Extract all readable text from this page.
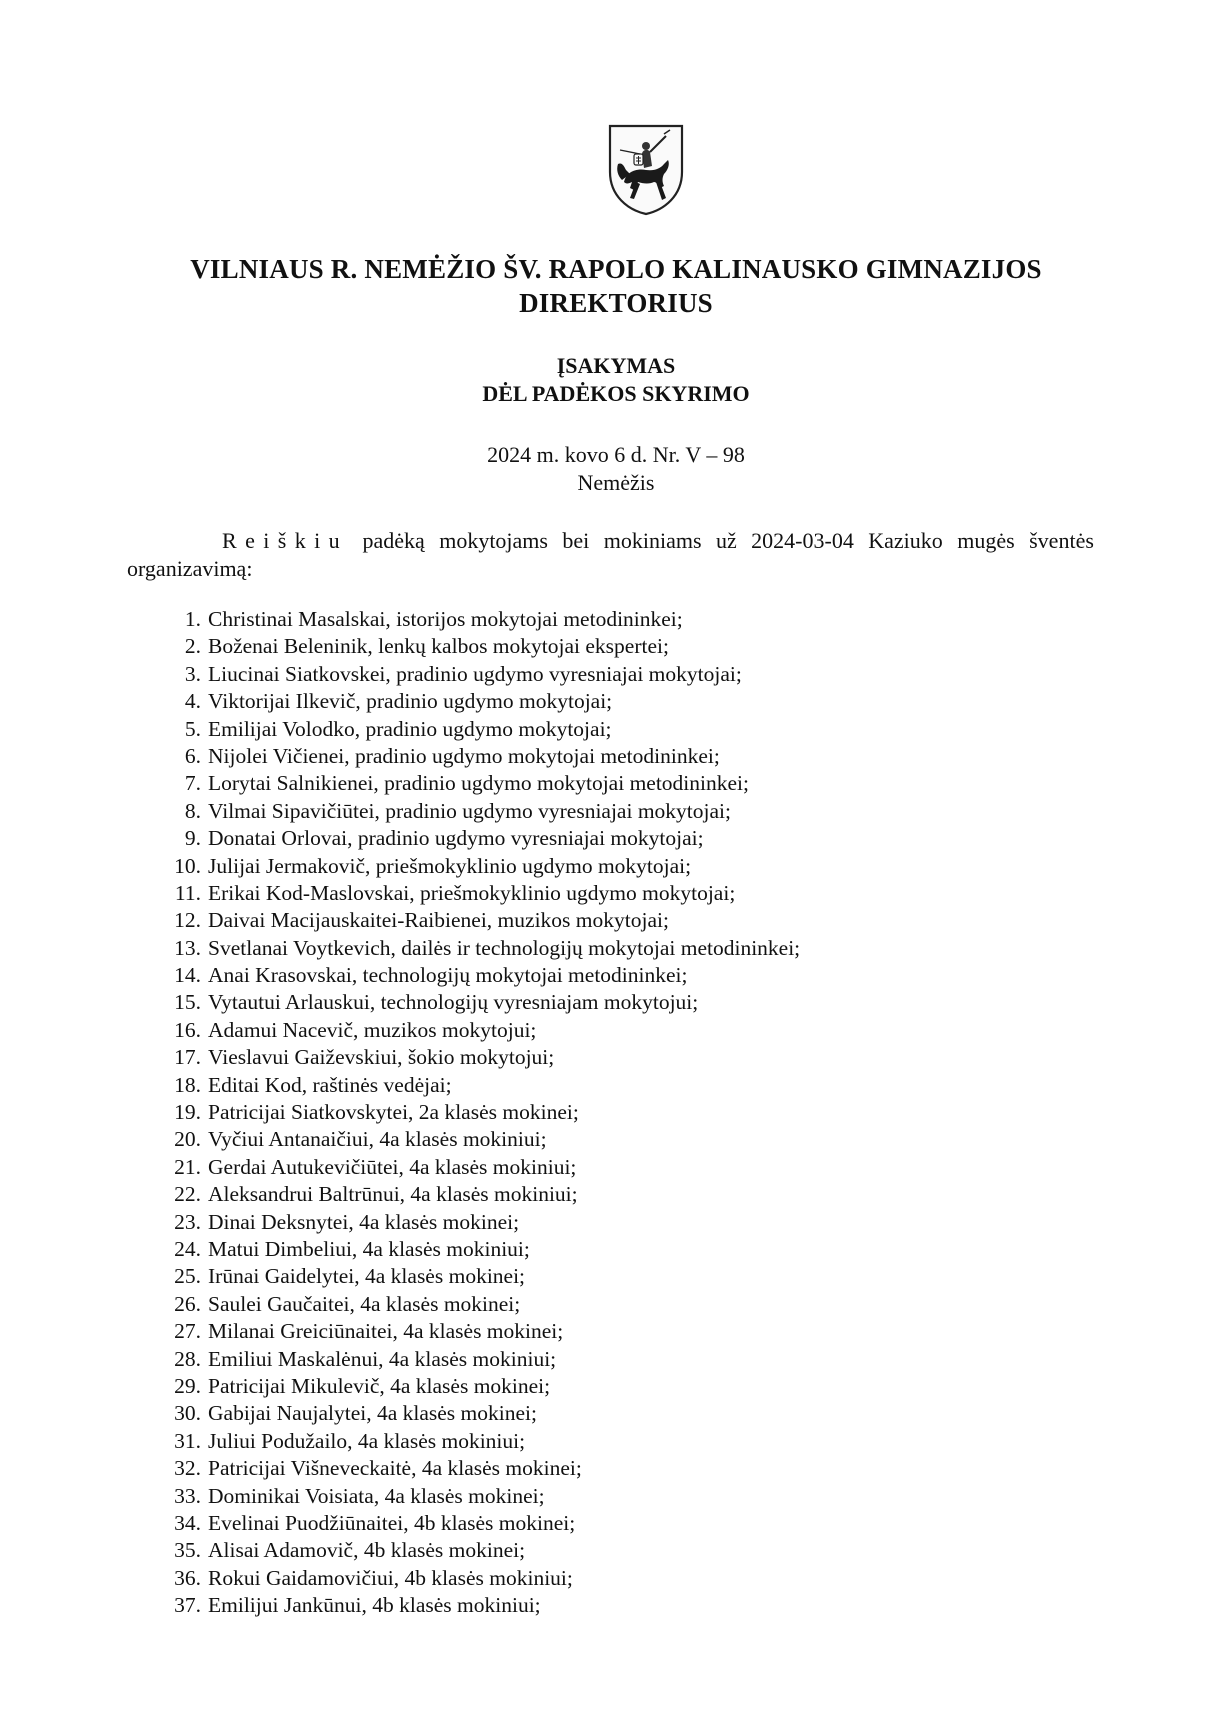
VILNIAUS R. NEMĖŽIO ŠV. RAPOLO KALINAUSKO GIMNAZIJOS
DIREKTORIUS
ĮSAKYMAS
DĖL PADĖKOS SKYRIMO
2024 m. kovo 6 d. Nr. V – 98
Nemėžis
Reiškiu padėką mokytojams bei mokiniams už 2024-03-04 Kaziuko mugės šventės
organizavimą:
1. Christinai Masalskai, istorijos mokytojai metodininkei;
2. Boženai Beleninik, lenkų kalbos mokytojai ekspertei;
3. Liucinai Siatkovskei, pradinio ugdymo vyresniajai mokytojai;
4. Viktorijai Ilkevič, pradinio ugdymo mokytojai;
5. Emilijai Volodko, pradinio ugdymo mokytojai;
6. Nijolei Vičienei, pradinio ugdymo mokytojai metodininkei;
7. Lorytai Salnikienei, pradinio ugdymo mokytojai metodininkei;
8. Vilmai Sipavičiūtei, pradinio ugdymo vyresniajai mokytojai;
9. Donatai Orlovai, pradinio ugdymo vyresniajai mokytojai;
10. Julijai Jermakovič, priešmokyklinio ugdymo mokytojai;
11. Erikai Kod-Maslovskai, priešmokyklinio ugdymo mokytojai;
12. Daivai Macijauskaitei-Raibienei, muzikos mokytojai;
13. Svetlanai Voytkevich, dailės ir technologijų mokytojai metodininkei;
14. Anai Krasovskai, technologijų mokytojai metodininkei;
15. Vytautui Arlauskui, technologijų vyresniajam mokytojui;
16. Adamui Nacevič, muzikos mokytojui;
17. Vieslavui Gaiževskiui, šokio mokytojui;
18. Editai Kod, raštinės vedėjai;
19. Patricijai Siatkovskytei, 2a klasės mokinei;
20. Vyčiui Antanaičiui, 4a klasės mokiniui;
21. Gerdai Autukevičiūtei, 4a klasės mokiniui;
22. Aleksandrui Baltrūnui, 4a klasės mokiniui;
23. Dinai Deksnytei, 4a klasės mokinei;
24. Matui Dimbeliui, 4a klasės mokiniui;
25. Irūnai Gaidelytei, 4a klasės mokinei;
26. Saulei Gaučaitei, 4a klasės mokinei;
27. Milanai Greiciūnaitei, 4a klasės mokinei;
28. Emiliui Maskalėnui, 4a klasės mokiniui;
29. Patricijai Mikulevič, 4a klasės mokinei;
30. Gabijai Naujalytei, 4a klasės mokinei;
31. Juliui Podužailo, 4a klasės mokiniui;
32. Patricijai Višneveckaitė, 4a klasės mokinei;
33. Dominikai Voisiata, 4a klasės mokinei;
34. Evelinai Puodžiūnaitei, 4b klasės mokinei;
35. Alisai Adamovič, 4b klasės mokinei;
36. Rokui Gaidamovičiui, 4b klasės mokiniui;
37. Emilijui Jankūnui, 4b klasės mokiniui;
